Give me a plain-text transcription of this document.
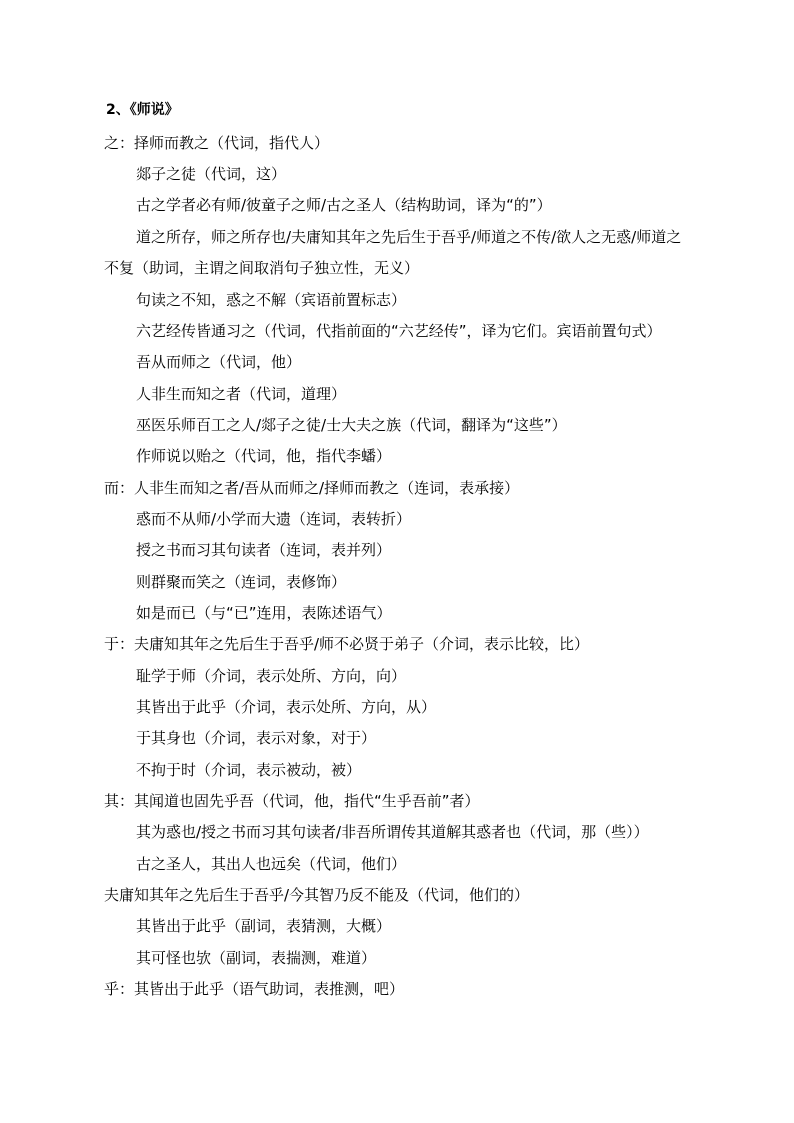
2、《师说》
之：择师而教之（代词，指代人）
郯子之徒（代词，这）
古之学者必有师/彼童子之师/古之圣人（结构助词，译为“的”）
道之所存，师之所存也/夫庸知其年之先后生于吾乎/师道之不传/欲人之无惑/师道之
不复（助词，主谓之间取消句子独立性，无义）
句读之不知，惑之不解（宾语前置标志）
六艺经传皆通习之（代词，代指前面的“六艺经传”，译为它们。宾语前置句式）
吾从而师之（代词，他）
人非生而知之者（代词，道理）
巫医乐师百工之人/郯子之徒/士大夫之族（代词，翻译为“这些”）
作师说以贻之（代词，他，指代李蟠）
而：人非生而知之者/吾从而师之/择师而教之（连词，表承接）
惑而不从师/小学而大遗（连词，表转折）
授之书而习其句读者（连词，表并列）
则群聚而笑之（连词，表修饰）
如是而已（与“已”连用，表陈述语气）
于：夫庸知其年之先后生于吾乎/师不必贤于弟子（介词，表示比较，比）
耻学于师（介词，表示处所、方向，向）
其皆出于此乎（介词，表示处所、方向，从）
于其身也（介词，表示对象，对于）
不拘于时（介词，表示被动，被）
其：其闻道也固先乎吾（代词，他，指代“生乎吾前”者）
其为惑也/授之书而习其句读者/非吾所谓传其道解其惑者也（代词，那（些））
古之圣人，其出人也远矣（代词，他们）
夫庸知其年之先后生于吾乎/今其智乃反不能及（代词，他们的）
其皆出于此乎（副词，表猜测，大概）
其可怪也欤（副词，表揣测，难道）
乎：其皆出于此乎（语气助词，表推测，吧）
